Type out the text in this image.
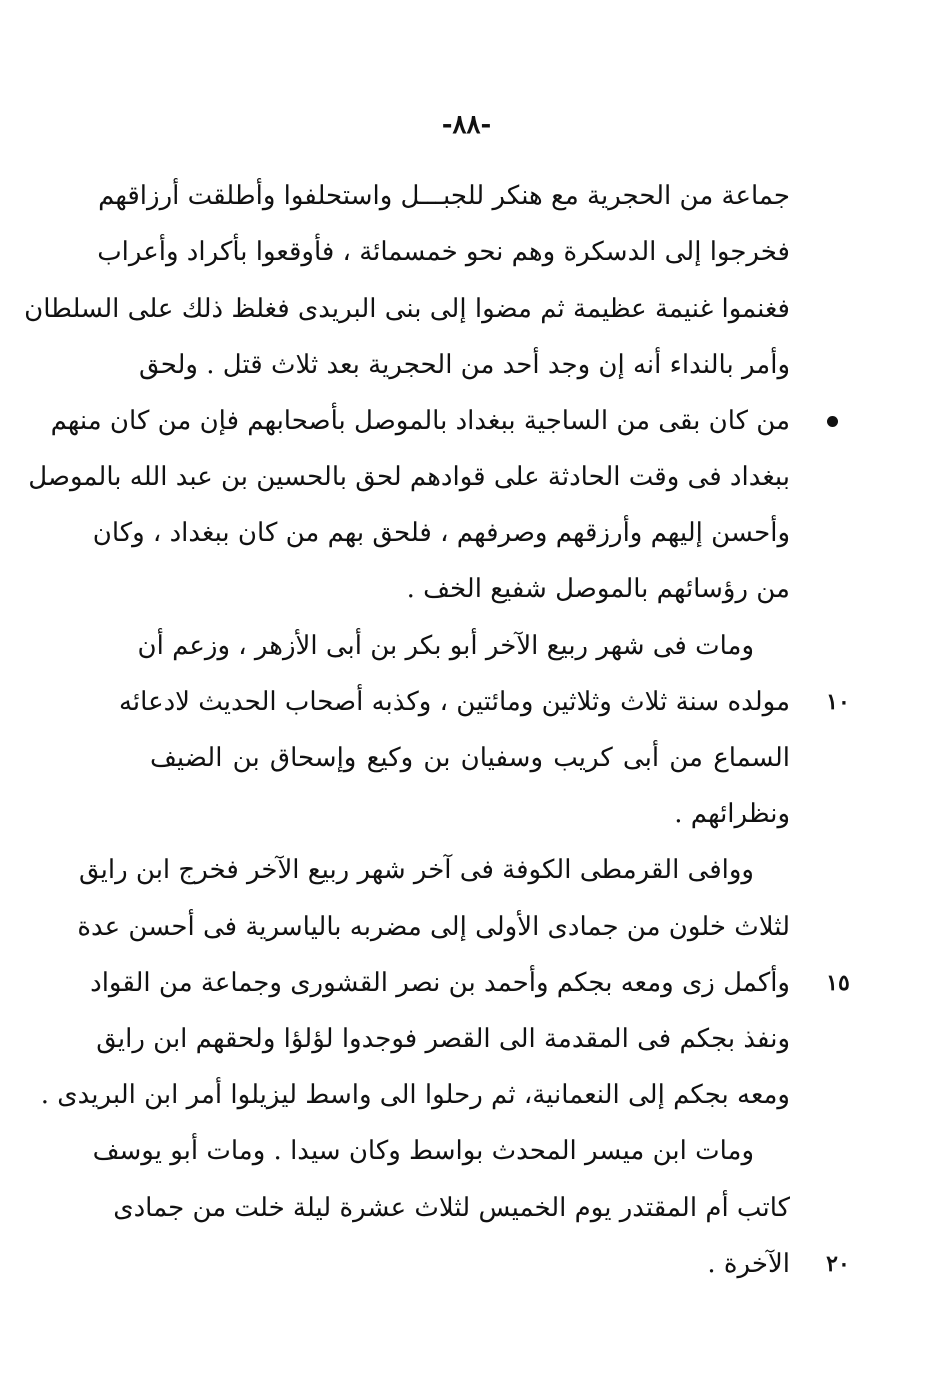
-٨٨-
جماعة من الحجرية مع هنكر للجبـــل واستحلفوا وأطلقت أرزاقهم
فخرجوا إلى الدسكرة وهم نحو خمسمائة ، فأوقعوا بأكراد وأعراب
فغنموا غنيمة عظيمة ثم مضوا إلى بنى البريدى فغلظ ذلك على السلطان
وأمر بالنداء أنه إن وجد أحد من الحجرية بعد ثلاث قتل . ولحق
من كان بقى من الساجية ببغداد بالموصل بأصحابهم فإن من كان منهم
ببغداد فى وقت الحادثة على قوادهم لحق بالحسين بن عبد الله بالموصل
وأحسن إليهم وأرزقهم وصرفهم ، فلحق بهم من كان ببغداد ، وكان
من رؤسائهم بالموصل شفيع الخف .
ومات فى شهر ربيع الآخر أبو بكر بن أبى الأزهر ، وزعم أن
مولده سنة ثلاث وثلاثين ومائتين ، وكذبه أصحاب الحديث لادعائه
السماع من أبى كريب وسفيان بن وكيع وإسحاق بن الضيف
ونظرائهم .
ووافى القرمطى الكوفة فى آخر شهر ربيع الآخر فخرج ابن رايق
لثلاث خلون من جمادى الأولى إلى مضربه بالياسرية فى أحسن عدة
وأكمل زى ومعه بجكم وأحمد بن نصر القشورى وجماعة من القواد
ونفذ بجكم فى المقدمة الى القصر فوجدوا لؤلؤا ولحقهم ابن رايق
ومعه بجكم إلى النعمانية، ثم رحلوا الى واسط ليزيلوا أمر ابن البريدى .
ومات ابن ميسر المحدث بواسط وكان سيدا . ومات أبو يوسف
كاتب أم المقتدر يوم الخميس لثلاث عشرة ليلة خلت من جمادى
الآخرة .
١٠
١٥
٢٠
